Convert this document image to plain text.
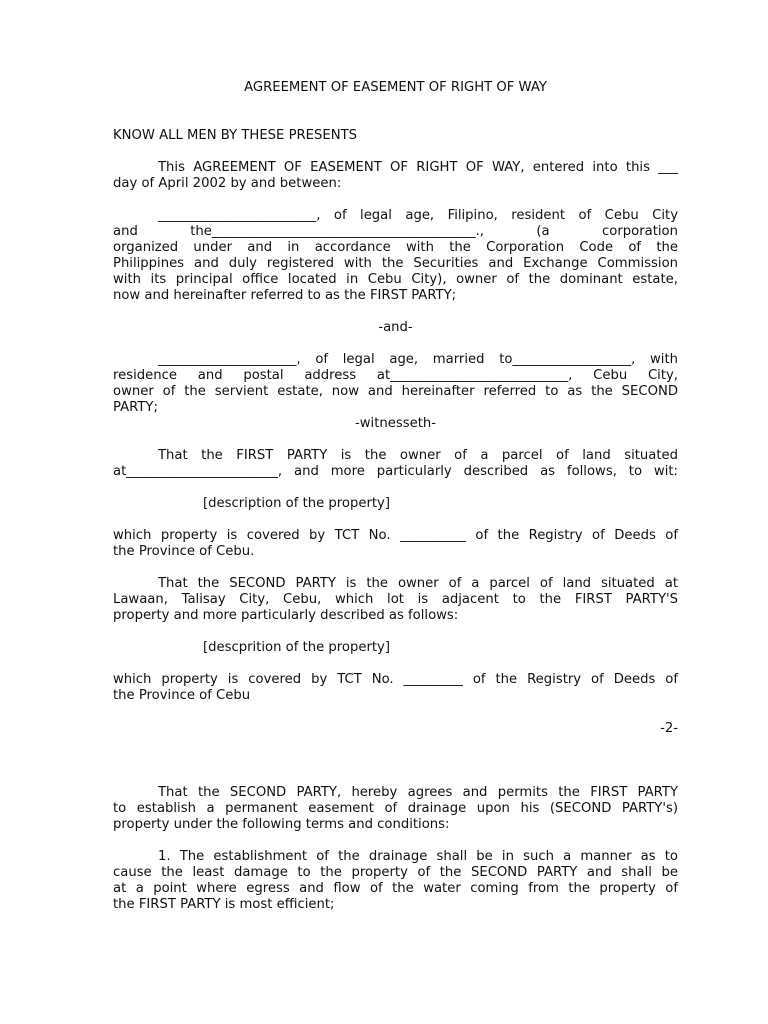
AGREEMENT OF EASEMENT OF RIGHT OF WAY
KNOW ALL MEN BY THESE PRESENTS
This AGREEMENT OF EASEMENT OF RIGHT OF WAY, entered into this ___
day of April 2002 by and between:
________________________, of legal age, Filipino, resident of Cebu City
and the________________________________________., (a corporation
organized under and in accordance with the Corporation Code of the
Philippines and duly registered with the Securities and Exchange Commission
with its principal office located in Cebu City), owner of the dominant estate,
now and hereinafter referred to as the FIRST PARTY;
-and-
_____________________, of legal age, married to__________________, with
residence and postal address at___________________________, Cebu City,
owner of the servient estate, now and hereinafter referred to as the SECOND
PARTY;
-witnesseth-
That the FIRST PARTY is the owner of a parcel of land situated
at_______________________, and more particularly described as follows, to wit:
[description of the property]
which property is covered by TCT No. __________ of the Registry of Deeds of
the Province of Cebu.
That the SECOND PARTY is the owner of a parcel of land situated at
Lawaan, Talisay City, Cebu, which lot is adjacent to the FIRST PARTY'S
property and more particularly described as follows:
[descprition of the property]
which property is covered by TCT No. _________ of the Registry of Deeds of
the Province of Cebu
-2-
That the SECOND PARTY, hereby agrees and permits the FIRST PARTY
to establish a permanent easement of drainage upon his (SECOND PARTY's)
property under the following terms and conditions:
1. The establishment of the drainage shall be in such a manner as to
cause the least damage to the property of the SECOND PARTY and shall be
at a point where egress and flow of the water coming from the property of
the FIRST PARTY is most efficient;
